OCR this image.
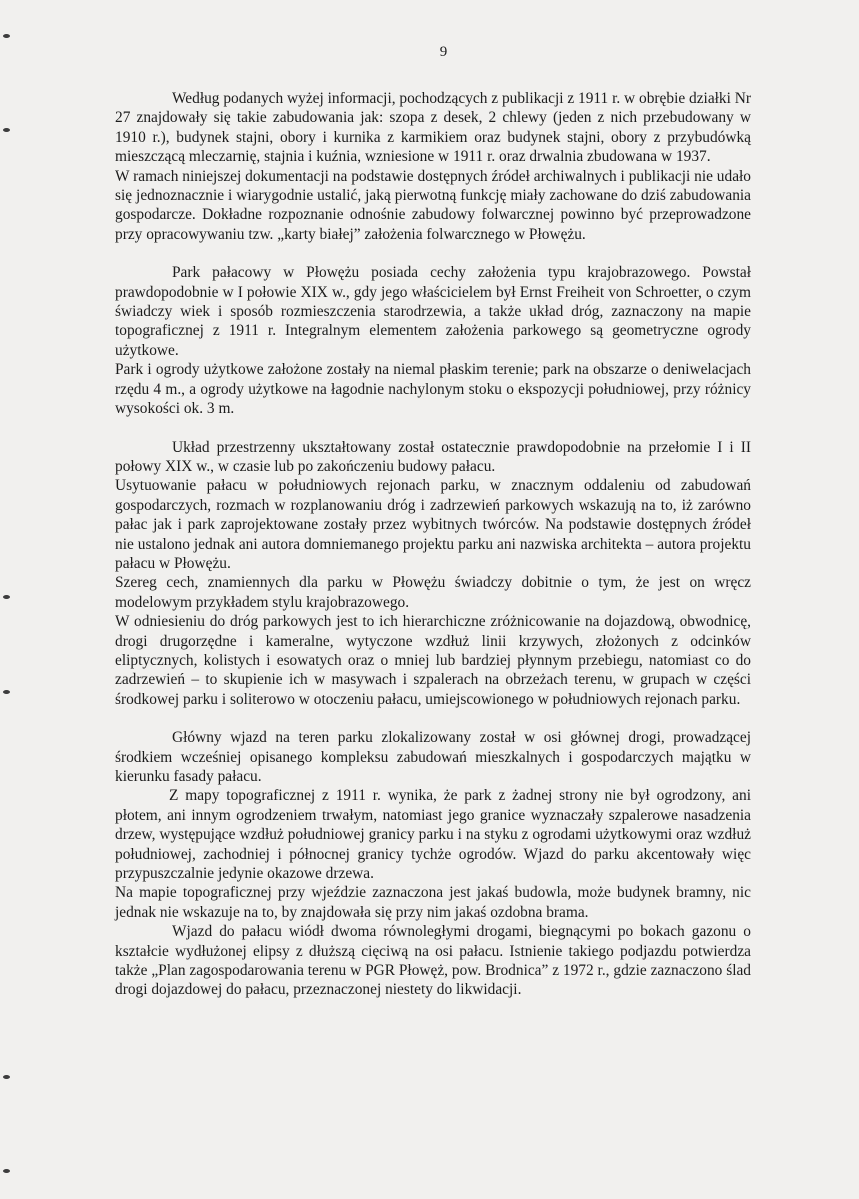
9

Według podanych wyżej informacji, pochodzących z publikacji z 1911 r. w obrębie działki Nr 27 znajdowały się takie zabudowania jak: szopa z desek, 2 chlewy (jeden z nich przebudowany w 1910 r.), budynek stajni, obory i kurnika z karmikiem oraz budynek stajni, obory z przybudówką mieszczącą mleczarnię, stajnia i kuźnia, wzniesione w 1911 r. oraz drwalnia zbudowana w 1937.

W ramach niniejszej dokumentacji na podstawie dostępnych źródeł archiwalnych i publikacji nie udało się jednoznacznie i wiarygodnie ustalić, jaką pierwotną funkcję miały zachowane do dziś zabudowania gospodarcze. Dokładne rozpoznanie odnośnie zabudowy folwarcznej powinno być przeprowadzone przy opracowywaniu tzw. „karty białej” założenia folwarcznego w Płowężu.

Park pałacowy w Płowężu posiada cechy założenia typu krajobrazowego. Powstał prawdopodobnie w I połowie XIX w., gdy jego właścicielem był Ernst Freiheit von Schroetter, o czym świadczy wiek i sposób rozmieszczenia starodrzewia, a także układ dróg, zaznaczony na mapie topograficznej z 1911 r. Integralnym elementem założenia parkowego są geometryczne ogrody użytkowe.

Park i ogrody użytkowe założone zostały na niemal płaskim terenie; park na obszarze o deniwelacjach rzędu 4 m., a ogrody użytkowe na łagodnie nachylonym stoku o ekspozycji południowej, przy różnicy wysokości ok. 3 m.

Układ przestrzenny ukształtowany został ostatecznie prawdopodobnie na przełomie I i II połowy XIX w., w czasie lub po zakończeniu budowy pałacu.

Usytuowanie pałacu w południowych rejonach parku, w znacznym oddaleniu od zabudowań gospodarczych, rozmach w rozplanowaniu dróg i zadrzewień parkowych wskazują na to, iż zarówno pałac jak i park zaprojektowane zostały przez wybitnych twórców. Na podstawie dostępnych źródeł nie ustalono jednak ani autora domniemanego projektu parku ani nazwiska architekta – autora projektu pałacu w Płowężu.

Szereg cech, znamiennych dla parku w Płowężu świadczy dobitnie o tym, że jest on wręcz modelowym przykładem stylu krajobrazowego.

W odniesieniu do dróg parkowych jest to ich hierarchiczne zróżnicowanie na dojazdową, obwodnicę, drogi drugorzędne i kameralne, wytyczone wzdłuż linii krzywych, złożonych z odcinków eliptycznych, kolistych i esowatych oraz o mniej lub bardziej płynnym przebiegu, natomiast co do zadrzewień – to skupienie ich w masywach i szpalerach na obrzeżach terenu, w grupach w części środkowej parku i soliterowo w otoczeniu pałacu, umiejscowionego w południowych rejonach parku.

Główny wjazd na teren parku zlokalizowany został w osi głównej drogi, prowadzącej środkiem wcześniej opisanego kompleksu zabudowań mieszkalnych i gospodarczych majątku w kierunku fasady pałacu.

Z mapy topograficznej z 1911 r. wynika, że park z żadnej strony nie był ogrodzony, ani płotem, ani innym ogrodzeniem trwałym, natomiast jego granice wyznaczały szpalerowe nasadzenia drzew, występujące wzdłuż południowej granicy parku i na styku z ogrodami użytkowymi oraz wzdłuż południowej, zachodniej i północnej granicy tychże ogrodów. Wjazd do parku akcentowały więc przypuszczalnie jedynie okazowe drzewa.

Na mapie topograficznej przy wjeździe zaznaczona jest jakaś budowla, może budynek bramny, nic jednak nie wskazuje na to, by znajdowała się przy nim jakaś ozdobna brama.

Wjazd do pałacu wiódł dwoma równoległymi drogami, biegnącymi po bokach gazonu o kształcie wydłużonej elipsy z dłuższą cięciwą na osi pałacu. Istnienie takiego podjazdu potwierdza także „Plan zagospodarowania terenu w PGR Płowęż, pow. Brodnica” z 1972 r., gdzie zaznaczono ślad drogi dojazdowej do pałacu, przeznaczonej niestety do likwidacji.
